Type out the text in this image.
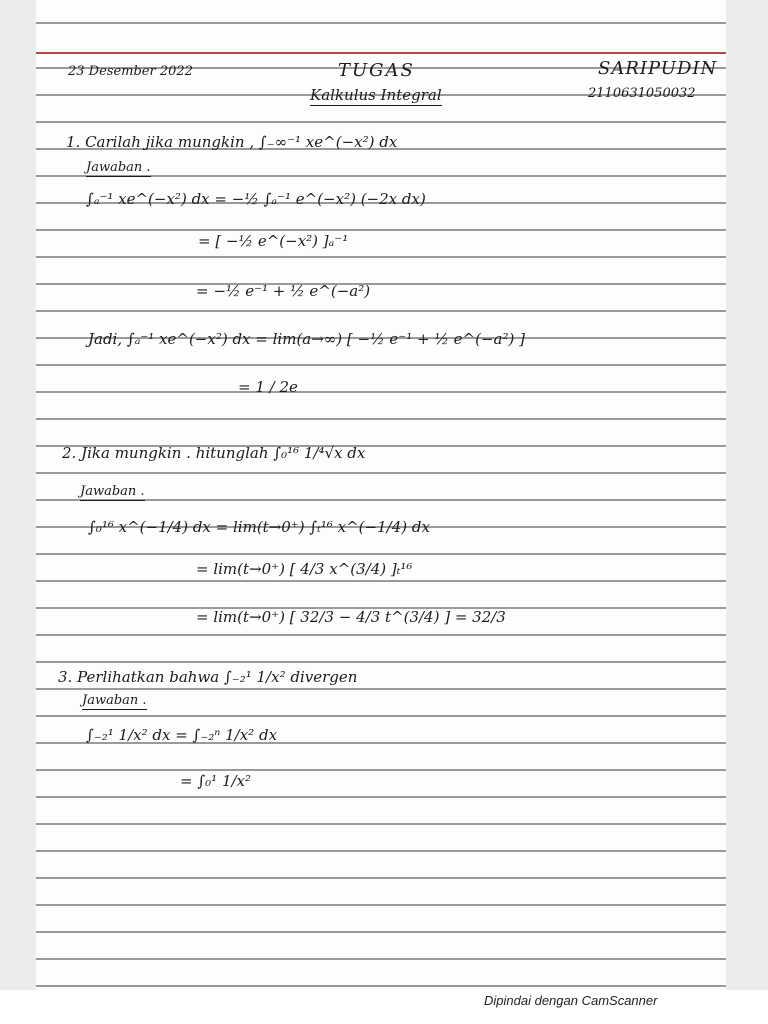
23 Desember 2022	TUGAS
Kalkulus Integral
SARIPUDIN
2110631050032
1. Carilah jika mungkin , ∫₋∞⁻¹ xe^(−x²) dx
Jawaban .
∫ₐ⁻¹ xe^(−x²) dx = −½ ∫ₐ⁻¹ e^(−x²) (−2x dx)
= [ −½ e^(−x²) ]ₐ⁻¹
= −½ e⁻¹ + ½ e^(−a²)
Jadi, ∫ₐ⁻¹ xe^(−x²) dx = lim(a→∞) [ −½ e⁻¹ + ½ e^(−a²) ]
= 1 / 2e
2. Jika mungkin . hitunglah ∫₀¹⁶ 1/⁴√x dx
Jawaban .
∫₀¹⁶ x^(−1/4) dx = lim(t→0⁺) ∫ₜ¹⁶ x^(−1/4) dx
= lim(t→0⁺) [ 4/3 x^(3/4) ]ₜ¹⁶
= lim(t→0⁺) [ 32/3 − 4/3 t^(3/4) ] = 32/3
3. Perlihatkan bahwa ∫₋₂¹ 1/x² divergen
Jawaban .
∫₋₂¹ 1/x² dx = ∫₋₂ⁿ 1/x² dx
= ∫₀¹ 1/x²
Dipindai dengan CamScanner
